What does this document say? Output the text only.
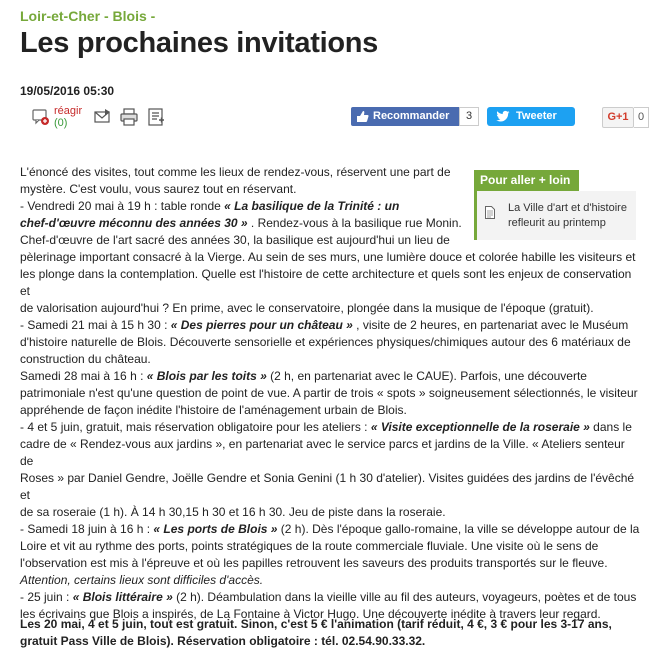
Loir-et-Cher - Blois -
Les prochaines invitations
19/05/2016 05:30
réagir
(0)
Recommander	3	Tweeter	G+1 0
Pour aller + loin
La Ville d'art et d'histoire refleurit au printemp
L'énoncé des visites, tout comme les lieux de rendez-vous, réservent une part de
mystère. C'est voulu, vous saurez tout en réservant.
- Vendredi 20 mai à 19 h : table ronde « La basilique de la Trinité : un
chef-d'œuvre méconnu des années 30 » . Rendez-vous à la basilique rue Monin.
Chef-d'œuvre de l'art sacré des années 30, la basilique est aujourd'hui un lieu de
pèlerinage important consacré à la Vierge. Au sein de ses murs, une lumière douce et colorée habille les visiteurs et
les plonge dans la contemplation. Quelle est l'histoire de cette architecture et quels sont les enjeux de conservation et
de valorisation aujourd'hui ? En prime, avec le conservatoire, plongée dans la musique de l'époque (gratuit).
- Samedi 21 mai à 15 h 30 : « Des pierres pour un château » , visite de 2 heures, en partenariat avec le Muséum
d'histoire naturelle de Blois. Découverte sensorielle et expériences physiques/chimiques autour des 6 matériaux de
construction du château.
Samedi 28 mai à 16 h : « Blois par les toits » (2 h, en partenariat avec le CAUE). Parfois, une découverte
patrimoniale n'est qu'une question de point de vue. A partir de trois « spots » soigneusement sélectionnés, le visiteur
appréhende de façon inédite l'histoire de l'aménagement urbain de Blois.
- 4 et 5 juin, gratuit, mais réservation obligatoire pour les ateliers : « Visite exceptionnelle de la roseraie » dans le
cadre de « Rendez-vous aux jardins », en partenariat avec le service parcs et jardins de la Ville. « Ateliers senteur de
Roses » par Daniel Gendre, Joëlle Gendre et Sonia Genini (1 h 30 d'atelier). Visites guidées des jardins de l'évêché et
de sa roseraie (1 h). À 14 h 30,15 h 30 et 16 h 30. Jeu de piste dans la roseraie.
- Samedi 18 juin à 16 h : « Les ports de Blois » (2 h). Dès l'époque gallo-romaine, la ville se développe autour de la
Loire et vit au rythme des ports, points stratégiques de la route commerciale fluviale. Une visite où le sens de
l'observation est mis à l'épreuve et où les papilles retrouvent les saveurs des produits transportés sur le fleuve.
Attention, certains lieux sont difficiles d'accès.
- 25 juin : « Blois littéraire » (2 h). Déambulation dans la vieille ville au fil des auteurs, voyageurs, poètes et de tous
les écrivains que Blois a inspirés, de La Fontaine à Victor Hugo. Une découverte inédite à travers leur regard.
Les 20 mai, 4 et 5 juin, tout est gratuit. Sinon, c'est 5 € l'animation (tarif réduit, 4 €, 3 € pour les 3-17 ans,
gratuit Pass Ville de Blois). Réservation obligatoire : tél. 02.54.90.33.32.
